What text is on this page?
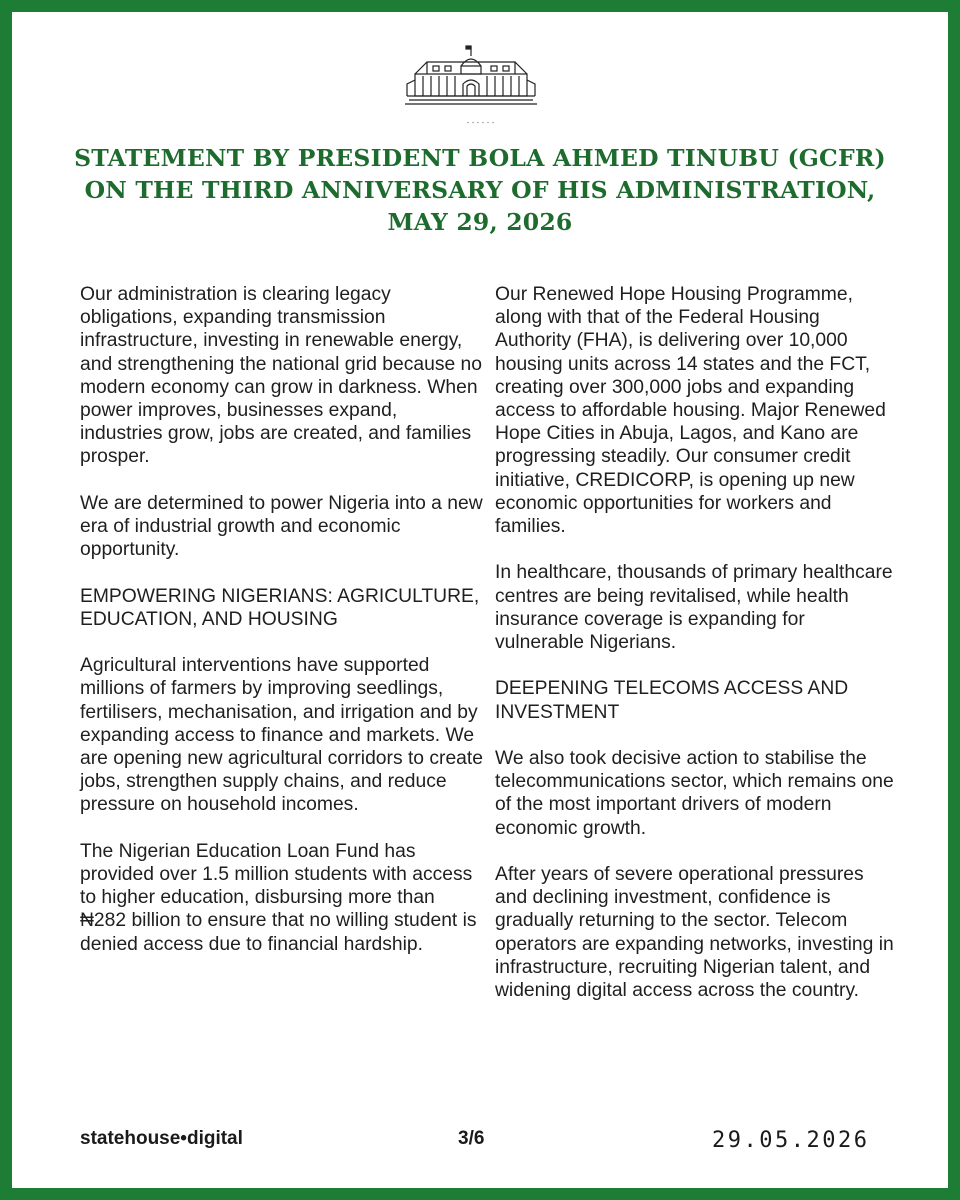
STATEMENT BY PRESIDENT BOLA AHMED TINUBU (GCFR)
ON THE THIRD ANNIVERSARY OF HIS ADMINISTRATION,
MAY 29, 2026

Our administration is clearing legacy obligations, expanding transmission infrastructure, investing in renewable energy, and strengthening the national grid because no modern economy can grow in darkness. When power improves, businesses expand, industries grow, jobs are created, and families prosper.

We are determined to power Nigeria into a new era of industrial growth and economic opportunity.

EMPOWERING NIGERIANS: AGRICULTURE, EDUCATION, AND HOUSING

Agricultural interventions have supported millions of farmers by improving seedlings, fertilisers, mechanisation, and irrigation and by expanding access to finance and markets. We are opening new agricultural corridors to create jobs, strengthen supply chains, and reduce pressure on household incomes.

The Nigerian Education Loan Fund has provided over 1.5 million students with access to higher education, disbursing more than ₦282 billion to ensure that no willing student is denied access due to financial hardship.

Our Renewed Hope Housing Programme, along with that of the Federal Housing Authority (FHA), is delivering over 10,000 housing units across 14 states and the FCT, creating over 300,000 jobs and expanding access to affordable housing. Major Renewed Hope Cities in Abuja, Lagos, and Kano are progressing steadily. Our consumer credit initiative, CREDICORP, is opening up new economic opportunities for workers and families.

In healthcare, thousands of primary healthcare centres are being revitalised, while health insurance coverage is expanding for vulnerable Nigerians.

DEEPENING TELECOMS ACCESS AND INVESTMENT

We also took decisive action to stabilise the telecommunications sector, which remains one of the most important drivers of modern economic growth.

After years of severe operational pressures and declining investment, confidence is gradually returning to the sector. Telecom operators are expanding networks, investing in infrastructure, recruiting Nigerian talent, and widening digital access across the country.

statehouse•digital	3/6	29.05.2026
